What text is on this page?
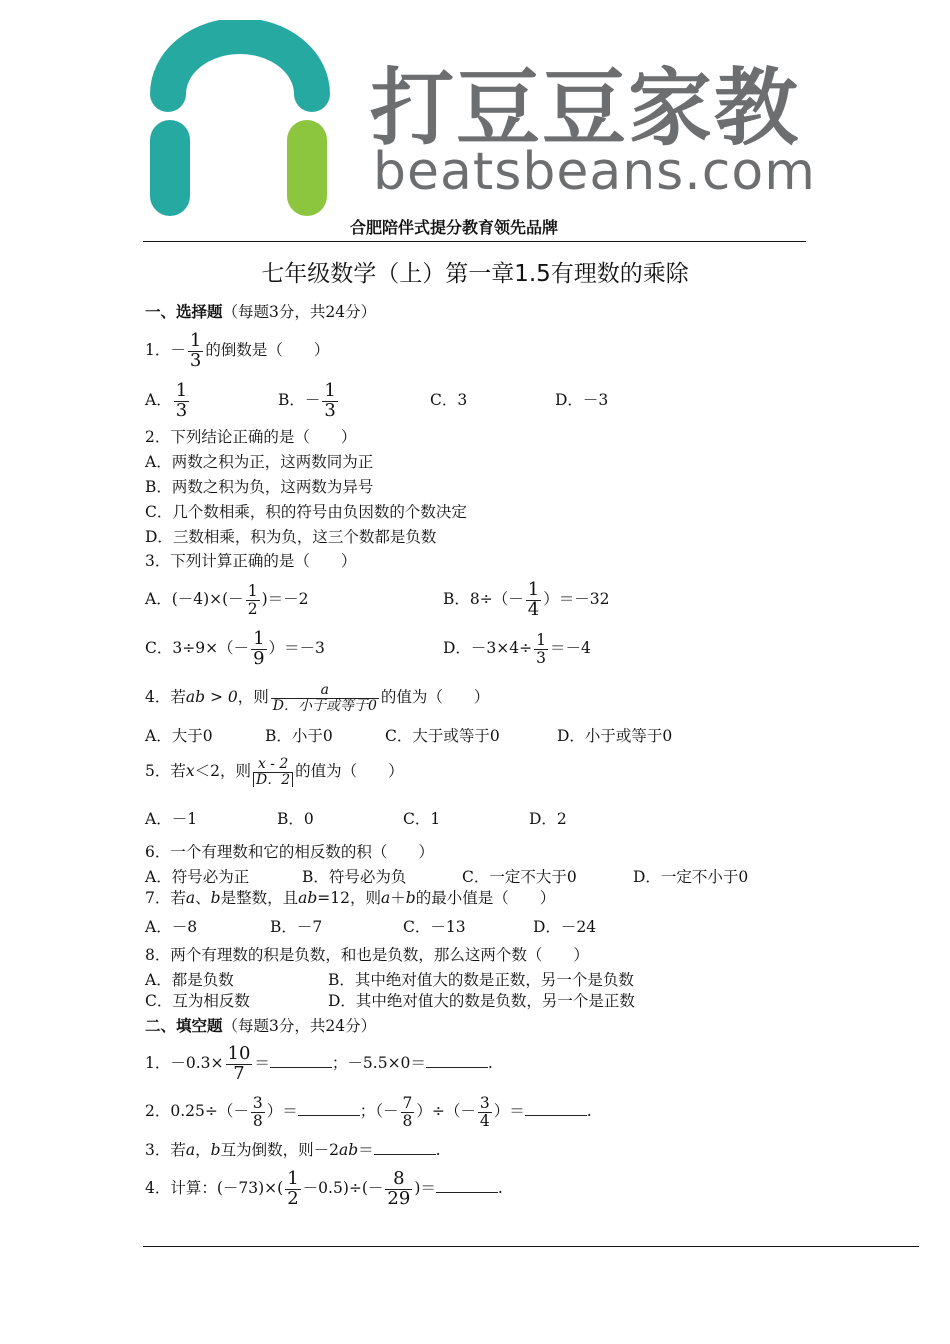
打豆豆家教
beatsbeans.com
合肥陪伴式提分教育领先品牌
七年级数学（上）第一章1.5有理数的乘除
一、选择题（每题3分，共24分）
1．－ $\frac{1}{3}$ 的倒数是（　　）
A． $\frac{1}{3}$	B．－ $\frac{1}{3}$	C．3	D．－3
2．下列结论正确的是（　　）
A．两数之积为正，这两数同为正
B．两数之积为负，这两数为异号
C．几个数相乘，积的符号由负因数的个数决定
D．三数相乘，积为负，这三个数都是负数
3．下列计算正确的是（　　）
A．$(-4)\times(- \frac{1}{2} )=-2$	B．$8\div(- \frac{1}{4} )=-32$
C．$3\div 9\times(- \frac{1}{9} )=-3$	D．$-3\times 4\div \frac{1}{3} =-4$
4．若ab > 0，则 $\frac{a}{\text{D．小于或等于0}}$ 的值为（　　）
A．大于0	B．小于0	C．大于或等于0	D．小于或等于0
5．若x＜2，则 $\frac{x - 2}{D.2}$ 的值为（　　）
A．－1	B．0	C．1	D．2
6．一个有理数和它的相反数的积（　　）
A．符号必为正	B．符号必为负	C．一定不大于0	D．一定不小于0
7．若a、b是整数，且ab=12，则a＋b的最小值是（　　）
A．－8	B．－7	C．－13	D．－24
8．两个有理数的积是负数，和也是负数，那么这两个数（　　）
A．都是负数	B．其中绝对值大的数是正数，另一个是负数
C．互为相反数	D．其中绝对值大的数是负数，另一个是正数
二、填空题（每题3分，共24分）
1．$-0.3\times \frac{10}{7}$ ＝	；－5.5×0＝	.
2．$0.25\div(- \frac{3}{8}$ ）＝	；（－ $\frac{7}{8}$ ）÷（－ $\frac{3}{4}$ ）＝	.
3．若a，b互为倒数，则－2ab＝	.
4．计算：$(-73)\times( \frac{1}{2} -0.5)\div(- \frac{8}{29}$ )＝	.
